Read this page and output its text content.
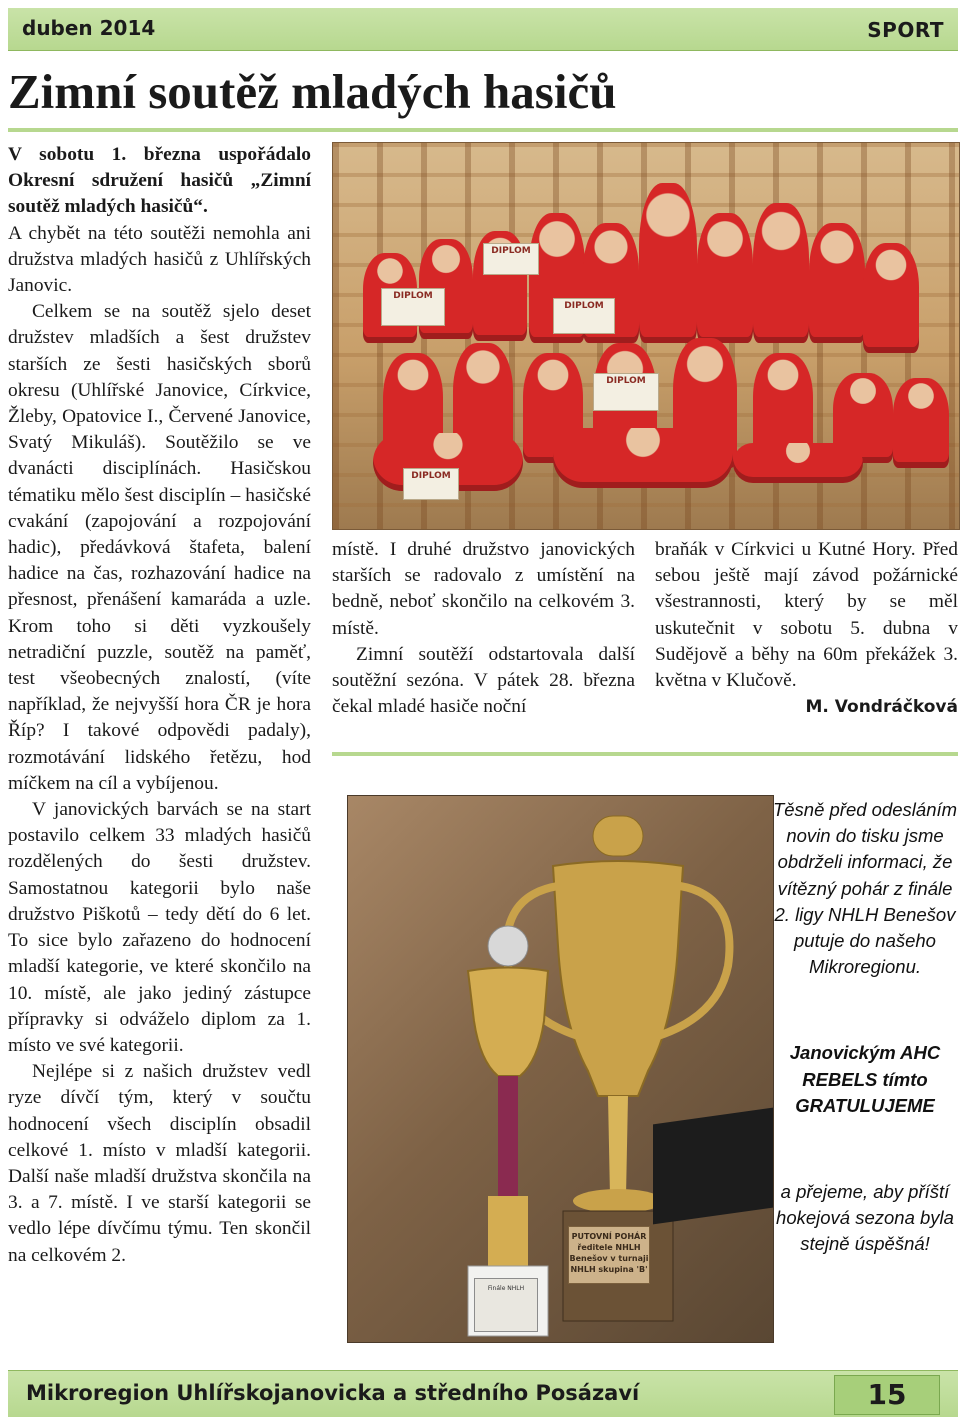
duben 2014	SPORT
Zimní soutěž mladých hasičů

V sobotu 1. března uspořádalo Okresní sdružení hasičů „Zimní soutěž mladých hasičů“.

A chybět na této soutěži nemohla ani družstva mladých hasičů z Uhlířských Janovic.

Celkem se na soutěž sjelo deset družstev mladších a šest družstev starších ze šesti hasičských sborů okresu (Uhlířské Janovice, Církvice, Žleby, Opatovice I., Červené Janovice, Svatý Mikuláš). Soutěžilo se ve dvanácti disciplínách. Hasičskou tématiku mělo šest disciplín – hasičské cvakání (zapojování a rozpojování hadic), předávková štafeta, balení hadice na čas, rozhazování hadice na přesnost, přenášení kamaráda a uzle. Krom toho si děti vyzkoušely netradiční puzzle, soutěž na paměť, test všeobecných znalostí, (víte například, že nejvyšší hora ČR je hora Říp? I takové odpovědi padaly), rozmotávání lidského řetězu, hod míčkem na cíl a vybíjenou.

V janovických barvách se na start postavilo celkem 33 mladých hasičů rozdělených do šesti družstev. Samostatnou kategorii bylo naše družstvo Piškotů – tedy dětí do 6 let. To sice bylo zařazeno do hodnocení mladší kategorie, ve které skončilo na 10. místě, ale jako jediný zástupce přípravky si odváželo diplom za 1. místo ve své kategorii.

Nejlépe si z našich družstev vedl ryze dívčí tým, který v součtu hodnocení všech disciplín obsadil celkové 1. místo v mladší kategorii. Další naše mladší družstva skončila na 3. a 7. místě. I ve starší kategorii se vedlo lépe dívčímu týmu. Ten skončil na celkovém 2.

DIPLOM
DIPLOM
DIPLOM
DIPLOM
DIPLOM

místě. I druhé družstvo janovických starších se radovalo z umístění na bedně, neboť skončilo na celkovém 3. místě.

Zimní soutěží odstartovala další soutěžní sezóna. V pátek 28. března čekal mladé hasiče noční

braňák v Církvici u Kutné Hory. Před sebou ještě mají závod požárnické všestrannosti, který by se měl uskutečnit v sobotu 5. dubna v Sudějově a běhy na 60m překážek 3. května v Klučově.

M. Vondráčková

PUTOVNÍ POHÁR ředitele NHLH Benešov v turnaji NHLH skupina 'B'
Finále NHLH

Těsně před odesláním novin do tisku jsme obdrželi informaci, že vítězný pohár z finále 2. ligy NHLH Benešov putuje do našeho Mikroregionu.

Janovickým AHC REBELS tímto GRATULUJEME

a přejeme, aby příští hokejová sezona byla stejně úspěšná!

Mikroregion Uhlířskojanovicka a středního Posázaví	15
